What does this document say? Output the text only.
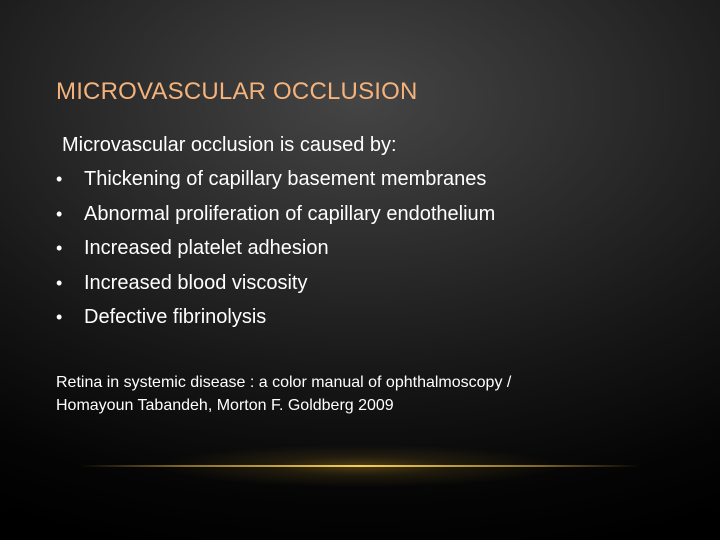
MICROVASCULAR OCCLUSION

Microvascular occlusion is caused by:

• Thickening of capillary basement membranes
• Abnormal proliferation of capillary endothelium
• Increased platelet adhesion
• Increased blood viscosity
• Defective fibrinolysis

Retina in systemic disease : a color manual of ophthalmoscopy /
Homayoun Tabandeh, Morton F. Goldberg 2009
